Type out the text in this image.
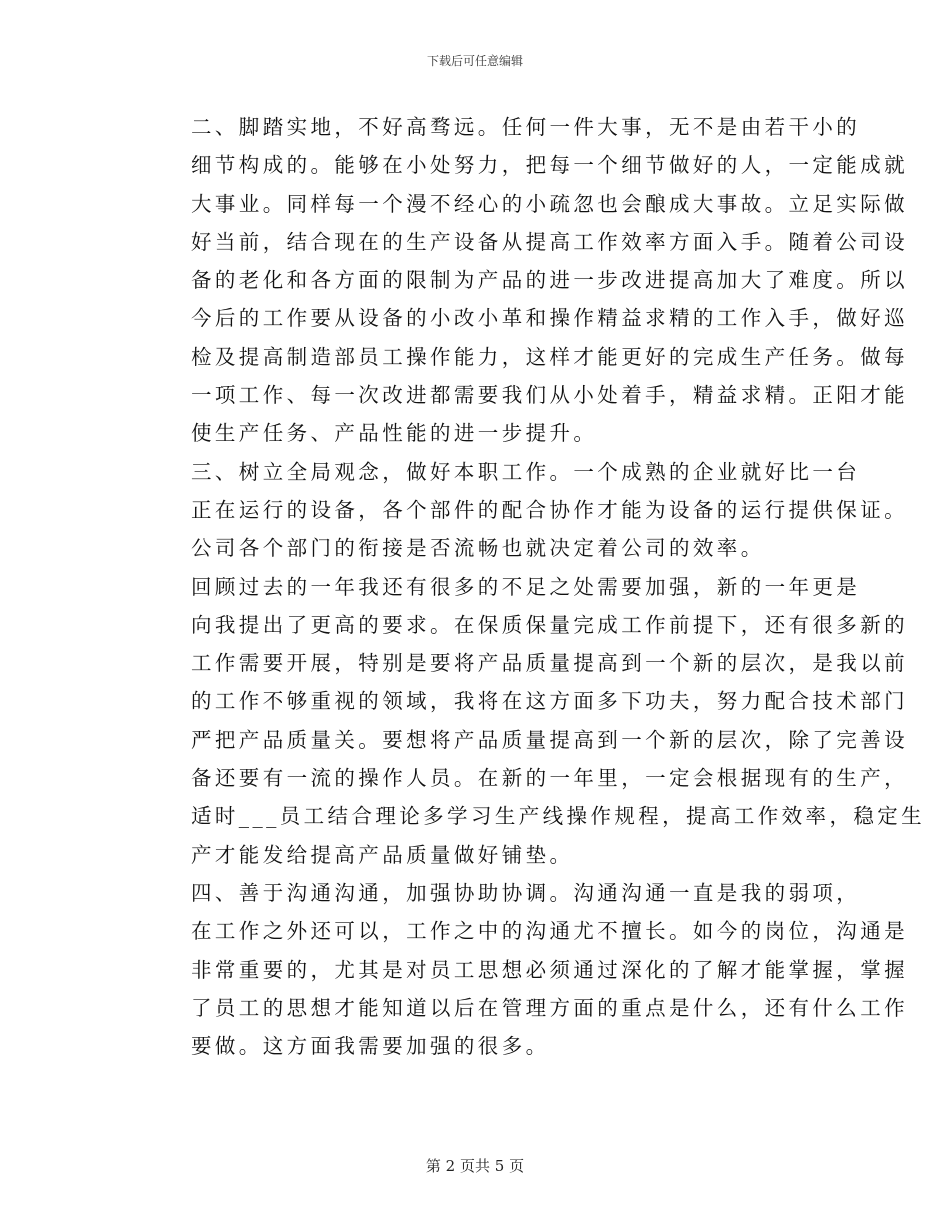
下载后可任意编辑

二、脚踏实地，不好高骛远。任何一件大事，无不是由若干小的
细节构成的。能够在小处努力，把每一个细节做好的人，一定能成就
大事业。同样每一个漫不经心的小疏忽也会酿成大事故。立足实际做
好当前，结合现在的生产设备从提高工作效率方面入手。随着公司设
备的老化和各方面的限制为产品的进一步改进提高加大了难度。所以
今后的工作要从设备的小改小革和操作精益求精的工作入手，做好巡
检及提高制造部员工操作能力，这样才能更好的完成生产任务。做每
一项工作、每一次改进都需要我们从小处着手，精益求精。正阳才能
使生产任务、产品性能的进一步提升。

三、树立全局观念，做好本职工作。一个成熟的企业就好比一台
正在运行的设备，各个部件的配合协作才能为设备的运行提供保证。
公司各个部门的衔接是否流畅也就决定着公司的效率。

回顾过去的一年我还有很多的不足之处需要加强，新的一年更是
向我提出了更高的要求。在保质保量完成工作前提下，还有很多新的
工作需要开展，特别是要将产品质量提高到一个新的层次，是我以前
的工作不够重视的领域，我将在这方面多下功夫，努力配合技术部门
严把产品质量关。要想将产品质量提高到一个新的层次，除了完善设
备还要有一流的操作人员。在新的一年里，一定会根据现有的生产，
适时___员工结合理论多学习生产线操作规程，提高工作效率，稳定生
产才能发给提高产品质量做好铺垫。

四、善于沟通沟通，加强协助协调。沟通沟通一直是我的弱项，
在工作之外还可以，工作之中的沟通尤不擅长。如今的岗位，沟通是
非常重要的，尤其是对员工思想必须通过深化的了解才能掌握，掌握
了员工的思想才能知道以后在管理方面的重点是什么，还有什么工作
要做。这方面我需要加强的很多。

第 2 页共 5 页
